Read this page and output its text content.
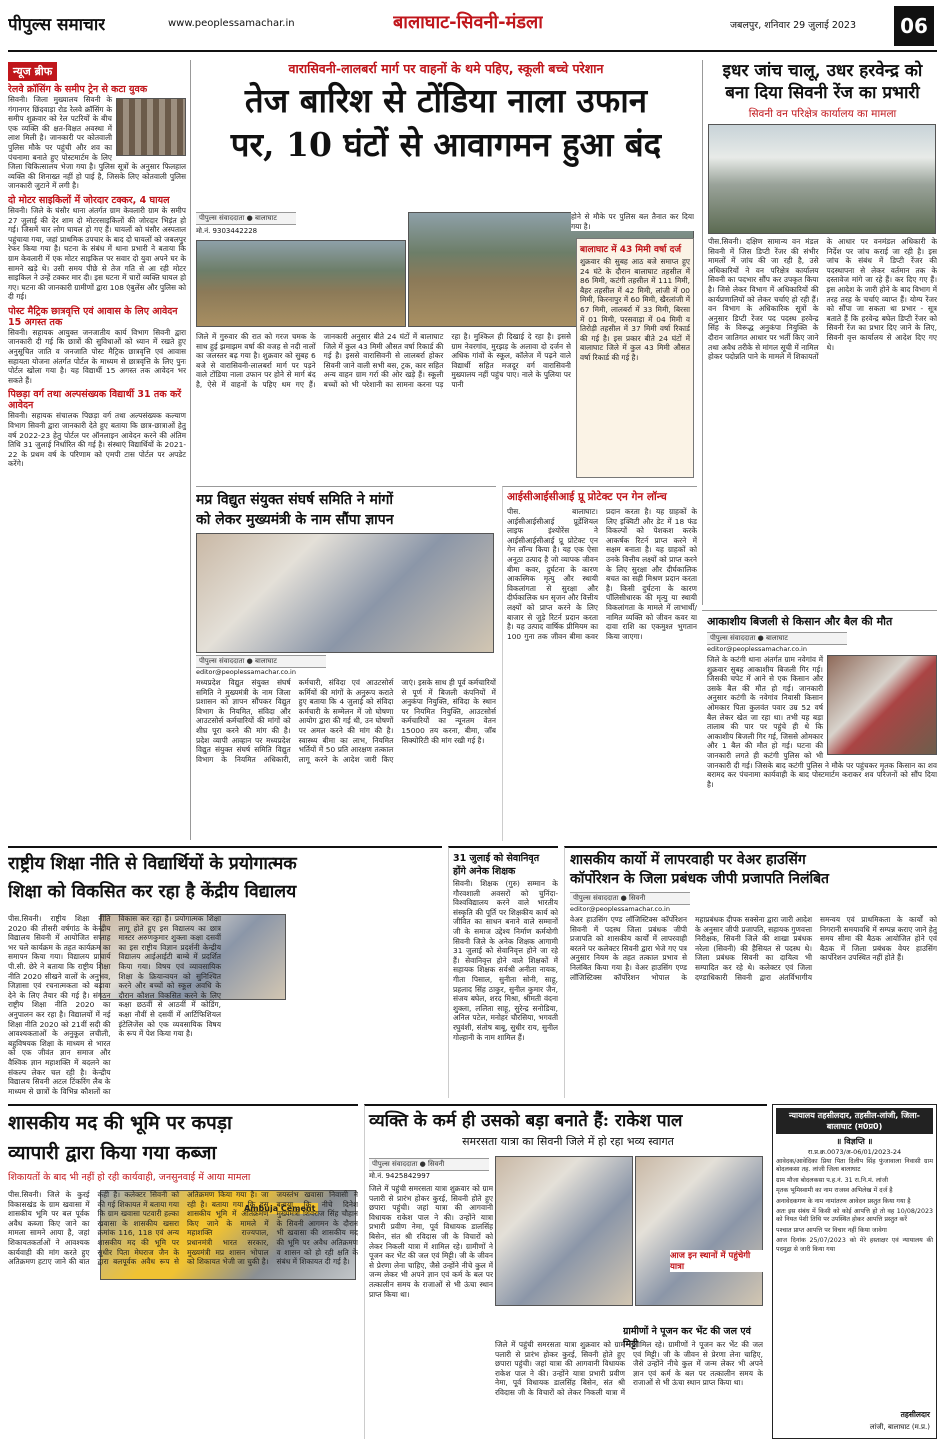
पीपुल्स समाचार	www.peoplessamachar.in	बालाघाट-सिवनी-मंडला	जबलपुर, शनिवार 29 जुलाई 2023	06
न्यूज ब्रीफ
रेलवे क्रॉसिंग के समीप ट्रेन से कटा युवक
सिवनी। जिला मुख्यालय सिवनी के गंगानगर छिंदवाड़ा रोड रेलवे क्रॉसिंग के समीप शुक्रवार को रेल पटरियों के बीच एक व्यक्ति की क्षत-विक्षत अवस्था में लाश मिली है। जानकारी पर कोतवाली पुलिस मौके पर पहुंची और शव का पंचनामा बनाते हुए पोस्टमार्टम के लिए जिला चिकित्सालय भेजा गया है। पुलिस सूत्रों के अनुसार फिलहाल व्यक्ति की शिनाख्त नहीं हो पाई है, जिसके लिए कोतवाली पुलिस जानकारी जुटाने में लगी है।
दो मोटर साइकिलों में जोरदार टक्कर, 4 घायल
सिवनी। जिले के घंसौर थाना अंतर्गत ग्राम केवलारी ग्राम के समीप 27 जुलाई की देर शाम दो मोटरसाइकिलों की जोरदार भिड़ंत हो गई। जिसमें चार लोग घायल हो गए हैं। घायलों को घंसौर अस्पताल पहुंचाया गया, जहां प्राथमिक उपचार के बाद दो घायलों को जबलपुर रेफर किया गया है। घटना के संबंध में थाना प्रभारी ने बताया कि ग्राम केवलारी में एक मोटर साइकिल पर सवार दो युवा अपने घर के सामने खड़े थे। उसी समय पीछे से तेज गति से आ रही मोटर साइकिल ने उन्हें टक्कर मार दी। इस घटना में चारों व्यक्ति घायल हो गए। घटना की जानकारी ग्रामीणों द्वारा 108 एंबुलेंस और पुलिस को दी गई।
पोस्ट मैट्रिक छात्रवृत्ति एवं आवास के लिए आवेदन 15 अगस्त तक
सिवनी। सहायक आयुक्त जनजातीय कार्य विभाग सिवनी द्वारा जानकारी दी गई कि छात्रों की सुविधाओं को ध्यान में रखते हुए अनुसूचित जाति व जनजाति पोस्ट मैट्रिक छात्रवृत्ति एवं आवास सहायता योजना अंतर्गत पोर्टल के माध्यम से छात्रवृत्ति के लिए पुनः पोर्टल खोला गया है। यह विद्यार्थी 15 अगस्त तक आवेदन भर सकते हैं।
पिछड़ा वर्ग तथा अल्पसंख्यक विद्यार्थी 31 तक करें आवेदन
सिवनी। सहायक संचालक पिछड़ा वर्ग तथा अल्पसंख्यक कल्याण विभाग सिवनी द्वारा जानकारी देते हुए बताया कि छात्र-छात्राओं हेतु वर्ष 2022-23 हेतु पोर्टल पर ऑनलाइन आवेदन करने की अंतिम तिथि 31 जुलाई निर्धारित की गई है। संस्थाएं विद्यार्थियों के 2021-22 के प्रथम वर्ष के परिणाम को एमपी टास पोर्टल पर अपडेट करेंगे।
वारासिवनी-लालबर्रा मार्ग पर वाहनों के थमे पहिए, स्कूली बच्चे परेशान
तेज बारिश से टोंडिया नाला उफान
पर, 10 घंटों से आवागमन हुआ बंद
पीपुल्स संवाददाता ● बालाघाट
मो.नं. 9303442228
होने से मौके पर पुलिस बल तैनात कर दिया गया है।
जिले में गुरुवार की रात को गरज चमक के साथ हुई झमाझम वर्षा की वजह से नदी नालों का जलस्तर बढ़ गया है। शुक्रवार को सुबह 6 बजे से वारासिवनी-लालबर्रा मार्ग पर पड़ने वाले टोंडिया नाला उफान पर होने से मार्ग बंद है, ऐसे में वाहनों के पहिए थम गए हैं। जानकारी अनुसार बीते 24 घंटों में बालाघाट जिले में कुल 43 मिमी औसत वर्षा रिकार्ड की गई है। इससे वारासिवनी से लालबर्रा होकर सिवनी जाने वाली सभी बस, ट्रक, कार सहित अन्य वाहन ग्राम गर्रा की ओर खड़े हैं। स्कूली बच्चों को भी परेशानी का सामना करना पड़ रहा है। मुश्किल ही दिखाई दे रहा है। इससे ग्राम नेवरगांव, मुरझड़ के अलावा दो दर्जन से अधिक गांवों के स्कूल, कॉलेज में पढ़ने वाले विद्यार्थी सहित मजदूर वर्ग वारासिवनी मुख्यालय नहीं पहुंच पाए। नाले के पुलिया पर पानी
बालाघाट में 43 मिमी वर्षा दर्ज
शुक्रवार की सुबह आठ बजे समाप्त हुए 24 घंटे के दौरान बालाघाट तहसील में 86 मिमी, कटंगी तहसील में 111 मिमी, बैहर तहसील में 42 मिमी, लांजी में 00 मिमी, किरनापुर में 60 मिमी, खैरलांजी में 67 मिमी, लालबर्रा में 33 मिमी, बिरसा में 01 मिमी, परसवाड़ा में 04 मिमी व तिरोड़ी तहसील में 37 मिमी वर्षा रिकार्ड की गई है। इस प्रकार बीते 24 घंटों में बालाघाट जिले में कुल 43 मिमी औसत वर्षा रिकार्ड की गई है।
इधर जांच चालू, उधर हरवेन्द्र को
बना दिया सिवनी रेंज का प्रभारी
सिवनी वन परिक्षेत्र कार्यालय का मामला
पीस.सिवनी। दक्षिण सामान्य वन मंडल सिवनी में जिस डिप्टी रेंजर की संभीर मामलों में जांच की जा रही है, उसे अधिकारियों ने वन परिक्षेत्र कार्यालय सिवनी का पदभार सौंप कर उपकृत किया है। जिसे लेकर विभाग में अधिकारियों की कार्यप्रणालियों को लेकर चर्चाएं हो रही हैं। वन विभाग के अधिकारिक सूत्रों के अनुसार डिप्टी रेंजर पद पदस्थ हरवेन्द्र सिंह के विरूद्ध अनुकंपा नियुक्ति के दौरान जातिगत आधार पर भर्ती किए जाने तथा अवैध तरीके से मांगल सूची में नामिल होकर पदोन्नति पाने के मामले में शिकायतों के आधार पर वनमंडल अधिकारी के निर्देश पर जांच कराई जा रही है। इस जांच के संबंध में डिप्टी रेंजर की पदस्थापना से लेकर वर्तमान तक के दस्तावेज मांगे जा रहे हैं। कर दिए गए हैं। इस आदेश के जारी होने के बाद विभाग में तरह तरह के चर्चाएं व्याप्त हैं। योग्य रेंजर को सौंपा जा सकता था प्रभार - सूत्र बताते हैं कि हरवेन्द्र बघेल डिप्टी रेंजर को सिवनी रेंज का प्रभार दिए जाने के लिए, सिवनी वृत्त कार्यालय से आदेश दिए गए थे।
मप्र विद्युत संयुक्त संघर्ष समिति ने मांगों
को लेकर मुख्यमंत्री के नाम सौंपा ज्ञापन
पीपुल्स संवाददाता ● बालाघाट
editor@peoplessamachar.co.in
मध्यप्रदेश विद्युत संयुक्त संघर्ष समिति ने मुख्यमंत्री के नाम जिला प्रशासन को ज्ञापन सौंपकर विद्युत विभाग के नियमित, संविदा और आउटसोर्स कर्मचारियों की मांगों को शीघ्र पूरा करने की मांग की है। प्रदेश व्यापी आव्हान पर मध्यप्रदेश विद्युत संयुक्त संघर्ष समिति विद्युत विभाग के नियमित अधिकारी, कर्मचारी, संविदा एवं आउटसोर्स कर्मियों की मांगों के अनुरूप कराते हुए बताया कि 4 जुलाई को संविदा कर्मचारी के सम्मेलन में जो घोषणा आयोग द्वारा की गई थी, उन घोषणों पर अमल करने की मांग की है। स्वास्थ्य बीमा का लाभ, नियमित भर्तियों में 50 प्रति आरक्षण तत्काल लागू करने के आदेश जारी किए जाएं। इसके साथ ही पूर्व कर्मचारियों से पूर्ण में बिजली कंपनियों में अनुकंपा नियुक्ति, संविदा के स्थान पर नियमित नियुक्ति, आउटसोर्स कर्मचारियों का न्यूनतम वेतन 15000 तय करना, बीमा, जॉब सिक्योरिटी की मांग रखी गई है।
आईसीआईसीआई प्रू प्रोटेक्ट एन गेन लॉन्च
पीस. बालाघाट। आईसीआईसीआई प्रूडेंशियल लाइफ इंश्योरेंस ने आईसीआईसीआई प्रू प्रोटेक्ट एन गेन लॉन्च किया है। यह एक ऐसा अनूठा उत्पाद है जो व्यापक जीवन बीमा कवर, दुर्घटना के कारण आकस्मिक मृत्यु और स्थायी विकलांगता से सुरक्षा और दीर्घकालिक धन सृजन और वित्तीय लक्ष्यों को प्राप्त करने के लिए बाजार से जुड़े रिटर्न प्रदान करता है। यह उत्पाद वार्षिक प्रीमियम का 100 गुना तक जीवन बीमा कवर प्रदान करता है। यह ग्राहकों के लिए इक्विटी और डेट में 18 फंड विकल्पों को पेशकश करके आकर्षक रिटर्न प्राप्त करने में सक्षम बनाता है। यह ग्राहकों को उनके वित्तीय लक्ष्यों को प्राप्त करने के लिए सुरक्षा और दीर्घकालिक बचत का सही मिश्रण प्रदान करता है। किसी दुर्घटना के कारण पॉलिसीधारक की मृत्यु या स्थायी विकलांगता के मामले में लाभार्थी/नामित व्यक्ति को जीवन कवर या दावा राशि का एकमुश्त भुगतान किया जाएगा।
आकाशीय बिजली से किसान और बैल की मौत
पीपुल्स संवाददाता ● बालाघाट
editor@peoplessamachar.co.in
जिले के कटंगी थाना अंतर्गत ग्राम नवेगांव में शुक्रवार सुबह आकाशीय बिजली गिर गई। जिसकी चपेट में आने से एक किसान और उसके बैल की मौत हो गई। जानकारी अनुसार कटंगी के नवेगांव निवासी किसान ओमकार पिता कुलवंत पवार उम्र 52 वर्ष बैल लेकर खेत जा रहा था। तभी यह बड़ा तालाब की पार पर पहुंचे ही थे कि आकाशीय बिजली गिर गई, जिससे ओमकार और 1 बैल की मौत हो गई। घटना की जानकारी लगते ही कटंगी पुलिस को भी जानकारी दी गई। जिसके बाद कटंगी पुलिस ने मौके पर पहुंचकर मृतक किसान का शव बरामद कर पंचनामा कार्यवाही के बाद पोस्टमार्टम कराकर शव परिजनों को सौंप दिया है।
राष्ट्रीय शिक्षा नीति से विद्यार्थियों के प्रयोगात्मक
शिक्षा को विकसित कर रहा है केंद्रीय विद्यालय
पीस.सिवनी। राष्ट्रीय शिक्षा नीति 2020 की तीसरी वर्षगांठ के केन्द्रीय विद्यालय सिवनी में आयोजित सप्ताह भर चले कार्यक्रम के तहत कार्यक्रम का समापन किया गया। विद्यालय प्राचार्य पी.सी. छेरे ने बताया कि राष्ट्रीय शिक्षा नीति 2020 सीखने वालों के अनुभव, जिज्ञासा एवं रचनात्मकता को बढ़ावा देने के लिए तैयार की गई है। संगठन राष्ट्रीय शिक्षा नीति 2020 का अनुपालन कर रहा है। विद्यालयों में नई शिक्षा नीति 2020 को 21वीं सदी की आवश्यकताओं के अनुकूल लचीली, बहुविषयक शिक्षा के माध्यम से भारत को एक जीवंत ज्ञान समाज और वैश्विक ज्ञान महाशक्ति में बदलने का संकल्प लेकर चल रही है। केन्द्रीय विद्यालय सिवनी अटल टिंकरिंग लैब के माध्यम से छात्रों के विभिन्न कौशलों का विकास कर रहा है। प्रयोगात्मक शिक्षा लागू होते हुए इस विद्यालय का छात्र मास्टर अरुणकुमार शुक्ला कक्षा दसवीं का इस राष्ट्रीय विज्ञान प्रदर्शनी केन्द्रीय विद्यालय आईआईटी बाम्बे में प्रदर्शित किया गया। विषय एवं व्यावसायिक शिक्षा के क्रियान्वयन को सुनिश्चित करने और बच्चों को स्कूल अवधि के दौरान कौशल विकसित करने के लिए कक्षा छठवीं से आठवीं में कोडिंग, कक्षा नौवीं से दसवीं में आर्टिफिशियल इंटेलिजेंस को एक व्यवसायिक विषय के रूप में पेश किया गया है।
31 जुलाई को सेवानिवृत
होंगे अनेक शिक्षक
सिवनी। शिक्षक (गुरु) सम्मान के गौरवशाली अवसरों को चुनिंदा-विश्वविद्यालय करने वाले भारतीय संस्कृति की पूर्ति पर शिक्षकीय कार्य को जीवित का साधन बनाने वाले सम्मानों जी के समाज उद्देश्य निर्माण कर्मयोगी सिवनी जिले के अनेक शिक्षक आगामी 31 जुलाई को सेवानिवृत्त होने जा रहे हैं। सेवानिवृत्त होने वाले शिक्षकों में सहायक शिक्षक सर्वश्री अनीता नायक, गीता पिसाल, सुनीता सोनी, साहू, प्रहलाद सिंह ठाकुर, सुनील कुमार जैन, संजय बघेल, शरद मिश्रा, श्रीमती वंदना शुक्ला, ललिता साहू, सुरेन्द्र सनोडिया, अनिल पटेल, मनोहर चौरसिया, भगवती रघुवंशी, संतोष बाबू, सुधीर राय, सुनील गोल्हानी के नाम शामिल हैं।
शासकीय कार्यो में लापरवाही पर वेअर हाउसिंग
कॉर्पोरेशन के जिला प्रबंधक जीपी प्रजापति निलंबित
पीपुल्स संवाददाता ● सिवनी
editor@peoplessamachar.co.in
वेअर हाउसिंग एण्ड लॉजिस्टिक्स कॉर्पोरेशन सिवनी में पदस्थ जिला प्रबंधक जीपी प्रजापति को शासकीय कार्यों में लापरवाही बरतने पर कलेक्टर सिवनी द्वारा भेजे गए पत्र अनुसार नियम के तहत तत्काल प्रभाव से निलंबित किया गया है। वेअर हाउसिंग एण्ड लॉजिस्टिक्स कॉर्पोरेशन भोपाल के महाप्रबंधक दीपक सक्सेना द्वारा जारी आदेश के अनुसार जीपी प्रजापति, सहायक गुणवत्ता निरीक्षक, सिवनी जिले की शाखा प्रबंधक नरेला (सिवनी) की हैसियत से पदस्थ थे। जिला प्रबंधक सिवनी का दायित्व भी सम्पादित कर रहे थे। कलेक्टर एवं जिला दण्डाधिकारी सिवनी द्वारा अंतर्विभागीय समन्वय एवं प्राथमिकता के कार्यों को निगरानी समयावधि में सम्पन्न कराए जाने हेतु समय सीमा की बैठक आयोजित होने एवं बैठक में जिला प्रबंधक वेयर हाउसिंग कार्पोरेशन उपस्थित नहीं होते हैं।
शासकीय मद की भूमि पर कपड़ा
व्यापारी द्वारा किया गया कब्जा
शिकायतों के बाद भी नहीं हो रही कार्यवाही, जनसुनवाई में आया मामला
Ambuja Cement
पीस.सिवनी। जिले के कुरई विकासखंड के ग्राम खवासा में शासकीय भूमि पर बल पूर्वक अवैध कब्जा किए जाने का मामला सामने आया है, जहां शिकायतकर्ताओं ने आवश्यक कार्यवाही की मांग करते हुए अतिक्रमण हटाए जाने की बात कही है। कलेक्टर सिवनी को की गई शिकायत में बताया गया कि ग्राम खवासा पटवारी हल्का खवासा के शासकीय खसरा क्रमांक 116, 118 एवं अन्य शासकीय मद की भूमि पर सुधीर पिता मेघराज जैन के द्वारा बलपूर्वक अवैध रूप से अतिक्रमण किया गया है। जा रही है। बताया गया कि इस शासकीय भूमि में अतिक्रमण किए जाने के मामले में महाशक्ति राज्यपाल, प्रधानमंत्री भारत सरकार, मुख्यमंत्री मप्र शासन भोपाल को शिकायत भेजी जा चुकी है। जयस्तंभ खवासा निवासी ने बताया कि नीचे दिनेश मुख्यमंत्री शिवराज सिंह चौहान के सिवनी आगमन के दौरान भी खवासा की शासकीय मद की भूमि पर अवैध अतिक्रमण व शासन को हो रही क्षति के संबंध में शिकायत दी गई है।
व्यक्ति के कर्म ही उसको बड़ा बनाते हैं: राकेश पाल
समरसता यात्रा का सिवनी जिले में हो रहा भव्य स्वागत
पीपुल्स संवाददाता ● सिवनी
मो.नं. 9425842997
ग्रामीणों ने पूजन कर भेंट की जल एवं मिट्टी
जिले में पहुंची समरसता यात्रा शुक्रवार को ग्राम पलारी से प्रारंभ होकर कुरई, सिवनी होते हुए छपारा पहुंची। जहां यात्रा की आगवानी विधायक राकेश पाल ने की। उन्होंने यात्रा प्रभारी प्रवीण नेमा, पूर्व विधायक डालसिंह बिसेन, संत श्री रविदास जी के विचारों को लेकर निकली यात्रा में शामिल रहे। ग्रामीणों ने पूजन कर भेंट की जल एवं मिट्टी। जी के जीवन से प्रेरणा लेना चाहिए, जैसे उन्होंने नीचे कुल में जन्म लेकर भी अपने ज्ञान एवं कर्म के बल पर तत्कालीन समय के राजाओं से भी ऊंचा स्थान प्राप्त किया था।
जिले में पहुंची समरसता यात्रा शुक्रवार को ग्राम पलारी से प्रारंभ होकर कुरई, सिवनी होते हुए छपारा पहुंची। जहां यात्रा की आगवानी विधायक राकेश पाल ने की। उन्होंने यात्रा प्रभारी प्रवीण नेमा, पूर्व विधायक डालसिंह बिसेन, संत श्री रविदास जी के विचारों को लेकर निकली यात्रा में शामिल रहे। ग्रामीणों ने पूजन कर भेंट की जल एवं मिट्टी। जी के जीवन से प्रेरणा लेना चाहिए, जैसे उन्होंने नीचे कुल में जन्म लेकर भी अपने ज्ञान एवं कर्म के बल पर तत्कालीन समय के राजाओं से भी ऊंचा स्थान प्राप्त किया था।
आज इन स्थानों में पहुंचेगी यात्रा
न्यायालय तहसीलदार, तहसील-लांजी, जिला-बालाघाट (म0प्र0)
॥ विज्ञप्ति ॥
रा.प्र.क्र.0073/अ-06/01/2023-24

आवेदक/आवेदिका प्रिया पिता दिलीप सिंह फुंजावाला निवासी ग्राम बोदलकसा तह. लांजी जिला बालाघाट

ग्राम मौजा बोदलकसा प.ह.नं. 31 रा.नि.मं. लांजी

मृतक भूमिस्वामी का नाम राजस्व अभिलेख में दर्ज है

अनावेदकगण के नाम नामांतरण आवेदन प्रस्तुत किया गया है

अतः इस संबंध में किसी को कोई आपत्ति हो तो वह 10/08/2023 को नियत पेशी तिथि पर उपस्थित होकर आपत्ति प्रस्तुत करें

पश्चात प्राप्त आपत्ति पर विचार नहीं किया जावेगा

आज दिनांक 25/07/2023 को मेरे हस्ताक्षर एवं न्यायालय की पदमुद्रा से जारी किया गया

तहसीलदार
लांजी, बालाघाट (म.प्र.)
